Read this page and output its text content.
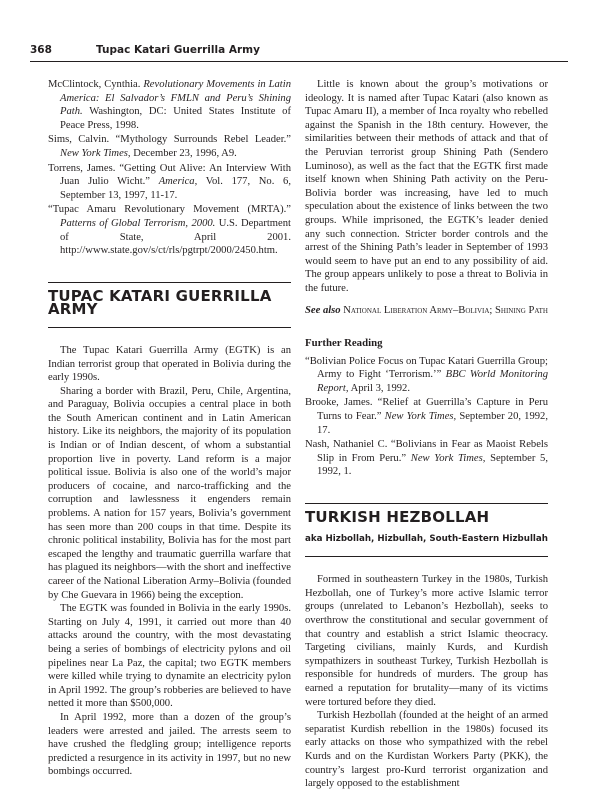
368	Tupac Katari Guerrilla Army

McClintock, Cynthia. Revolutionary Movements in Latin America: El Salvador’s FMLN and Peru’s Shining Path. Washington, DC: United States Institute of Peace Press, 1998.

Sims, Calvin. “Mythology Surrounds Rebel Leader.” New York Times, December 23, 1996, A9.

Torrens, James. “Getting Out Alive: An Interview With Juan Julio Wicht.” America, Vol. 177, No. 6, September 13, 1997, 11-17.

“Tupac Amaru Revolutionary Movement (MRTA).” Patterns of Global Terrorism, 2000. U.S. Department of State, April 2001. http://www.state.gov/s/ct/rls/pgtrpt/2000/2450.htm.

TUPAC KATARI GUERRILLA ARMY

The Tupac Katari Guerrilla Army (EGTK) is an Indian terrorist group that operated in Bolivia during the early 1990s.

Sharing a border with Brazil, Peru, Chile, Argentina, and Paraguay, Bolivia occupies a central place in both the South American continent and in Latin American history. Like its neighbors, the majority of its population is Indian or of Indian descent, of whom a substantial proportion live in poverty. Land reform is a major political issue. Bolivia is also one of the world’s major producers of cocaine, and narco-trafficking and the corruption and lawlessness it engenders remain problems. A nation for 157 years, Bolivia’s government has seen more than 200 coups in that time. Despite its chronic political instability, Bolivia has for the most part escaped the lengthy and traumatic guerrilla warfare that has plagued its neighbors—with the short and ineffective career of the National Liberation Army–Bolivia (founded by Che Guevara in 1966) being the exception.

The EGTK was founded in Bolivia in the early 1990s. Starting on July 4, 1991, it carried out more than 40 attacks around the country, with the most devastating being a series of bombings of electricity pylons and oil pipelines near La Paz, the capital; two EGTK members were killed while trying to dynamite an electricity pylon in April 1992. The group’s robberies are believed to have netted it more than $500,000.

In April 1992, more than a dozen of the group’s leaders were arrested and jailed. The arrests seem to have crushed the fledgling group; intelligence reports predicted a resurgence in its activity in 1997, but no new bombings occurred.

Little is known about the group’s motivations or ideology. It is named after Tupac Katari (also known as Tupac Amaru II), a member of Inca royalty who rebelled against the Spanish in the 18th century. However, the similarities between their methods of attack and that of the Peruvian terrorist group Shining Path (Sendero Luminoso), as well as the fact that the EGTK first made itself known when Shining Path activity on the Peru-Bolivia border was increasing, have led to much speculation about the existence of links between the two groups. While imprisoned, the EGTK’s leader denied any such connection. Stricter border controls and the arrest of the Shining Path’s leader in September of 1993 would seem to have put an end to any possibility of aid. The group appears unlikely to pose a threat to Bolivia in the future.

See also National Liberation Army–Bolivia; Shining Path

Further Reading

“Bolivian Police Focus on Tupac Katari Guerrilla Group; Army to Fight ‘Terrorism.’” BBC World Monitoring Report, April 3, 1992.

Brooke, James. “Relief at Guerrilla’s Capture in Peru Turns to Fear.” New York Times, September 20, 1992, 17.

Nash, Nathaniel C. “Bolivians in Fear as Maoist Rebels Slip in From Peru.” New York Times, September 5, 1992, 1.

TURKISH HEZBOLLAH

aka Hizbollah, Hizbullah, South-Eastern Hizbullah

Formed in southeastern Turkey in the 1980s, Turkish Hezbollah, one of Turkey’s more active Islamic terror groups (unrelated to Lebanon’s Hezbollah), seeks to overthrow the constitutional and secular government of that country and establish a strict Islamic theocracy. Targeting civilians, mainly Kurds, and Kurdish sympathizers in southeast Turkey, Turkish Hezbollah is responsible for hundreds of murders. The group has earned a reputation for brutality—many of its victims were tortured before they died.

Turkish Hezbollah (founded at the height of an armed separatist Kurdish rebellion in the 1980s) focused its early attacks on those who sympathized with the rebel Kurds and on the Kurdistan Workers Party (PKK), the country’s largest pro-Kurd terrorist organization and largely opposed to the establishment
